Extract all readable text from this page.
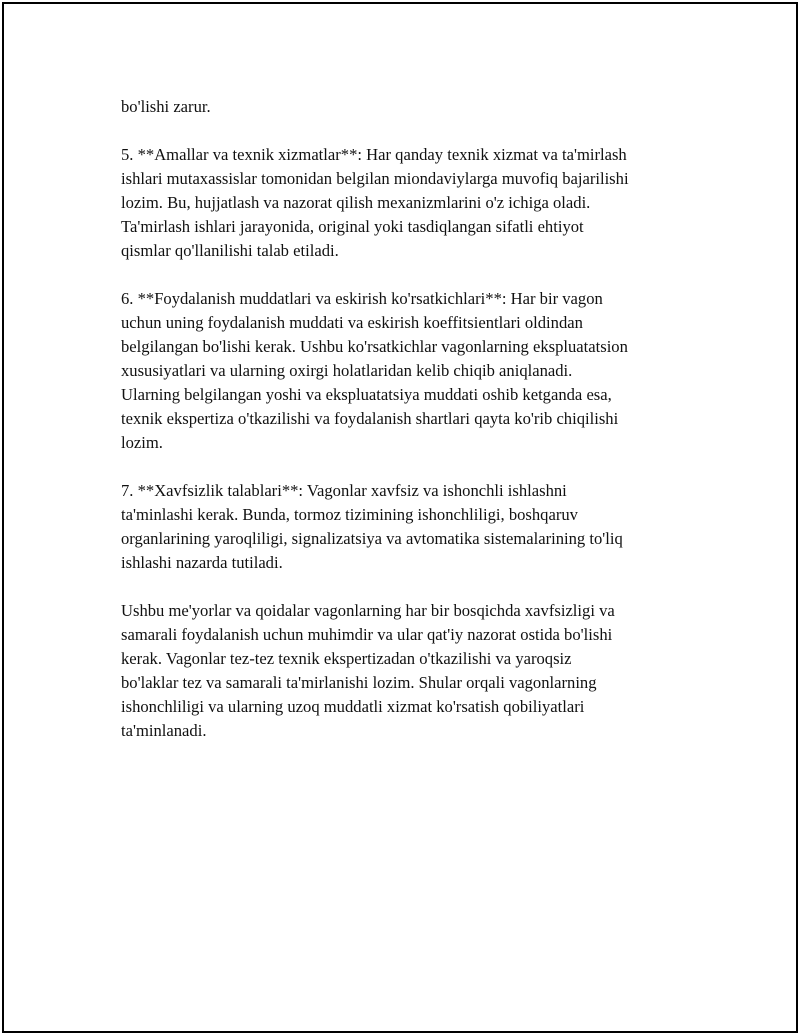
bo'lishi zarur.
5. **Amallar va texnik xizmatlar**: Har qanday texnik xizmat va ta'mirlash
ishlari mutaxassislar tomonidan belgilan miondaviylarga muvofiq bajarilishi
lozim. Bu, hujjatlash va nazorat qilish mexanizmlarini o'z ichiga oladi.
Ta'mirlash ishlari jarayonida, original yoki tasdiqlangan sifatli ehtiyot
qismlar qo'llanilishi talab etiladi.
6. **Foydalanish muddatlari va eskirish ko'rsatkichlari**: Har bir vagon
uchun uning foydalanish muddati va eskirish koeffitsientlari oldindan
belgilangan bo'lishi kerak. Ushbu ko'rsatkichlar vagonlarning ekspluatatsion
xususiyatlari va ularning oxirgi holatlaridan kelib chiqib aniqlanadi.
Ularning belgilangan yoshi va ekspluatatsiya muddati oshib ketganda esa,
texnik ekspertiza o'tkazilishi va foydalanish shartlari qayta ko'rib chiqilishi
lozim.
7. **Xavfsizlik talablari**: Vagonlar xavfsiz va ishonchli ishlashni
ta'minlashi kerak. Bunda, tormoz tizimining ishonchliligi, boshqaruv
organlarining yaroqliligi, signalizatsiya va avtomatika sistemalarining to'liq
ishlashi nazarda tutiladi.
Ushbu me'yorlar va qoidalar vagonlarning har bir bosqichda xavfsizligi va
samarali foydalanish uchun muhimdir va ular qat'iy nazorat ostida bo'lishi
kerak. Vagonlar tez-tez texnik ekspertizadan o'tkazilishi va yaroqsiz
bo'laklar tez va samarali ta'mirlanishi lozim. Shular orqali vagonlarning
ishonchliligi va ularning uzoq muddatli xizmat ko'rsatish qobiliyatlari
ta'minlanadi.
